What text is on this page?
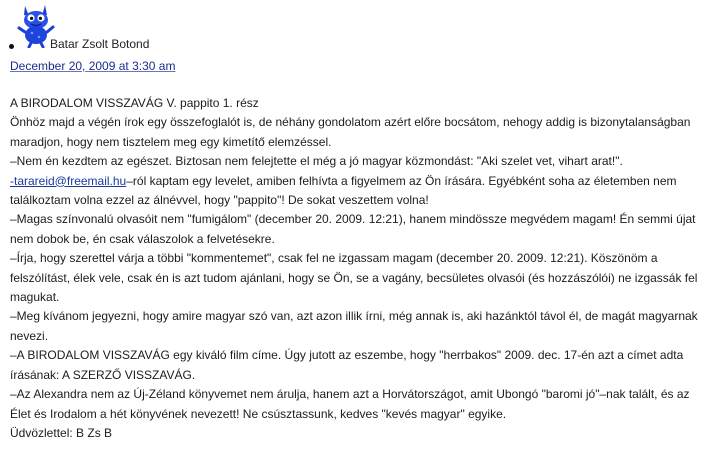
Batar Zsolt Botond
December 20, 2009 at 3:30 am

A BIRODALOM VISSZAVÁG V. pappito 1. rész

Önhöz majd a végén írok egy összefoglalót is, de néhány gondolatom azért előre bocsátom, nehogy addig is bizonytalanságban maradjon, hogy nem tisztelem meg egy kimetítő elemzéssel.

–Nem én kezdtem az egészet. Biztosan nem felejtette el még a jó magyar közmondást: "Aki szelet vet, vihart arat!".

-tarareid@freemail.hu–ról kaptam egy levelet, amiben felhívta a figyelmem az Ön írására. Egyébként soha az életemben nem találkoztam volna ezzel az álnévvel, hogy "pappito"! De sokat veszettem volna!

–Magas színvonalú olvasóit nem "fumigálom" (december 20. 2009. 12:21), hanem mindössze megvédem magam! Én semmi újat nem dobok be, én csak válaszolok a felvetésekre.

–Írja, hogy szerettel várja a többi "kommentemet", csak fel ne izgassam magam (december 20. 2009. 12:21). Köszönöm a felszólítást, élek vele, csak én is azt tudom ajánlani, hogy se Ön, se a vagány, becsületes olvasói (és hozzászólói) ne izgassák fel magukat.

–Meg kívánom jegyezni, hogy amire magyar szó van, azt azon illik írni, még annak is, aki hazánktól távol él, de magát magyarnak nevezi.

–A BIRODALOM VISSZAVÁG egy kiváló film címe. Úgy jutott az eszembe, hogy "herrbakos" 2009. dec. 17-én azt a címet adta írásának: A SZERZŐ VISSZAVÁG.

–Az Alexandra nem az Új-Zéland könyvemet nem árulja, hanem azt a Horvátországot, amit Ubongó "baromi jó"–nak talált, és az Élet és Irodalom a hét könyvének nevezett! Ne csúsztassunk, kedves "kevés magyar" egyike.

Üdvözlettel: B Zs B
